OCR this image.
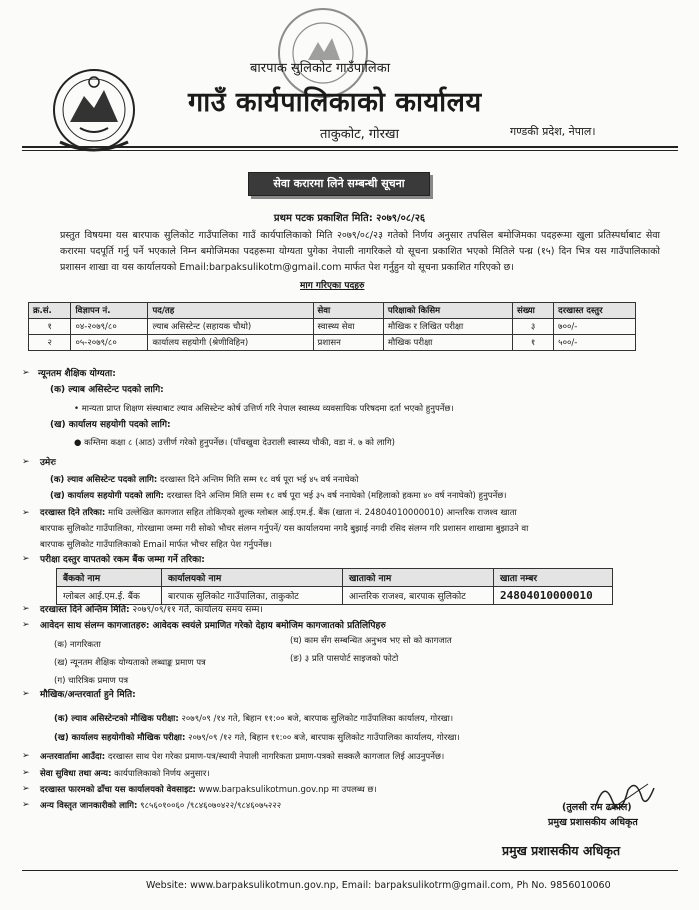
बारपाक सुलिकोट गाउँपालिका
गाउँ कार्यपालिकाको कार्यालय
ताकुकोट, गोरखा	गण्डकी प्रदेश, नेपाल।
सेवा करारमा लिने सम्बन्धी सूचना
प्रथम पटक प्रकाशित मिति: २०७९/०८/२६
प्रस्तुत विषयमा यस बारपाक सुलिकोट गाउँपालिका गाउँ कार्यपालिकाको मिति २०७९/०८/२३ गतेको निर्णय अनुसार तपसिल बमोजिमका पदहरूमा खुला प्रतिस्पर्धाबाट सेवा करारमा पदपूर्ति गर्नु पर्ने भएकाले निम्न बमोजिमका पदहरूमा योग्यता पुगेका नेपाली नागरिकले यो सूचना प्रकाशित भएको मितिले पन्ध्र (१५) दिन भित्र यस गाउँपालिकाको प्रशासन शाखा वा यस कार्यालयको Email:barpaksulikotm@gmail.com मार्फत पेश गर्नुहुन यो सूचना प्रकाशित गरिएको छ।
माग गरिएका पदहरु
क्र.सं.	विज्ञापन नं.	पद/तह	सेवा	परिक्षाको किसिम	संख्या	दरखास्त दस्तुर
१	०४-२०७९/८०	ल्याब असिस्टेन्ट (सहायक चौथो)	स्वास्थ्य सेवा	मौखिक र लिखित परीक्षा	३	७००/-
२	०५-२०७९/८०	कार्यालय सहयोगी (श्रेणीविहिन)	प्रशासन	मौखिक परीक्षा	१	५००/-
➢ न्यूनतम शैक्षिक योग्यता:
(क) ल्याब असिस्टेन्ट पदको लागि:
• मान्यता प्राप्त शिक्षण संस्थाबाट ल्याव असिस्टेन्ट कोर्ष उत्तिर्ण गरि नेपाल स्वास्थ्य व्यवसायिक परिषदमा दर्ता भएको हुनुपर्नेछ।
(ख) कार्यालय सहयोगी पदको लागि:
● कम्तिमा कक्षा ८ (आठ) उत्तीर्ण गरेको हुनुपर्नेछ। (पाँचखुवा देउराली स्वास्थ्य चौकी, वडा नं. ७ को लागि)
➢ उमेरः
(क) ल्याव असिस्टेन्ट पदको लागि: दरखास्त दिने अन्तिम मिति सम्म १८ वर्ष पूरा भई ४५ वर्ष ननाघेको
(ख) कार्यालय सहयोगी पदको लागि: दरखास्त दिने अन्तिम मिति सम्म १८ वर्ष पूरा भई ३५ वर्ष ननाघेको (महिलाको हकमा ४० वर्ष ननाघेको) हुनुपर्नेछ।
➢ दरखास्त दिने तरिका: माथि उल्लेखित कागजात सहित तोकिएको शुल्क ग्लोबल आई.एम.ई. बैंक (खाता नं. 24804010000010) आन्तरिक राजश्व खाता
बारपाक सुलिकोट गाउँपालिका, गोरखामा जम्मा गरी सोको भौचर संलग्न गर्नुपर्ने/ यस कार्यालयमा नगदै बुझाई नगदी रसिद संलग्न गरि प्रशासन शाखामा बुझाउने वा
बारपाक सुलिकोट गाउँपालिकाको Email मार्फत भौचर सहित पेश गर्नुपर्नेछ।
➢ परीक्षा दस्तुर वापतको रकम बैंक जम्मा गर्ने तरिका:
बैंकको नाम	कार्यालयको नाम	खाताको नाम	खाता नम्बर
ग्लोबल आई.एम.ई. बैंक	बारपाक सुलिकोट गाउँपालिका, ताकुकोट	आन्तरिक राजश्व, बारपाक सुलिकोट	24804010000010
➢ दरखास्त दिने अन्तिम मिति: २०७९/०९/११ गते, कार्यालय समय सम्म।
➢ आवेदन साथ संलग्न कागजातहरु: आवेदक स्वयंले प्रमाणित गरेको देहाय बमोजिम कागजातको प्रतिलिपिहरु
(क) नागरिकता
(ख) न्यूनतम शैक्षिक योग्यताको लब्धाङ्क प्रमाण पत्र
(ग) चारित्रिक प्रमाण पत्र
(घ) काम सँग सम्बन्धित अनुभव भए सो को कागजात
(ङ) ३ प्रति पासपोर्ट साइजको फोटो
➢ मौखिक/अन्तरवार्ता हुने मिति:
(क) ल्याव असिस्टेन्टको मौखिक परीक्षा: २०७९/०९ /१४ गते, बिहान ११:०० बजे, बारपाक सुलिकोट गाउँपालिका कार्यालय, गोरखा।
(ख) कार्यालय सहयोगीको मौखिक परीक्षा: २०७९/०९ /१२ गते, बिहान ११:०० बजे, बारपाक सुलिकोट गाउँपालिका कार्यालय, गोरखा।
➢ अन्तरवार्तामा आउँदा: दरखास्त साथ पेश गरेका प्रमाण-पत्र/स्थायी नेपाली नागरिकता प्रमाण-पत्रको सक्कलै कागजात लिई आउनुपर्नेछ।
➢ सेवा सुविधा तथा अन्य: कार्यपालिकाको निर्णय अनुसार।
➢ दरखास्त फारमको ढाँचा यस कार्यालयको वेवसाइट: www.barpaksulikotmun.gov.np मा उपलब्ध छ।
➢ अन्य विस्तृत जानकारीको लागि: ९८५६०१००६० /९८४६०७०४२२/९८४६०७५२२२	(तुलसी राम ढकाल)
प्रमुख प्रशासकीय अधिकृत
प्रमुख प्रशासकीय अधिकृत
Website: www.barpaksulikotmun.gov.np, Email: barpaksulikotrm@gmail.com, Ph No. 9856010060
